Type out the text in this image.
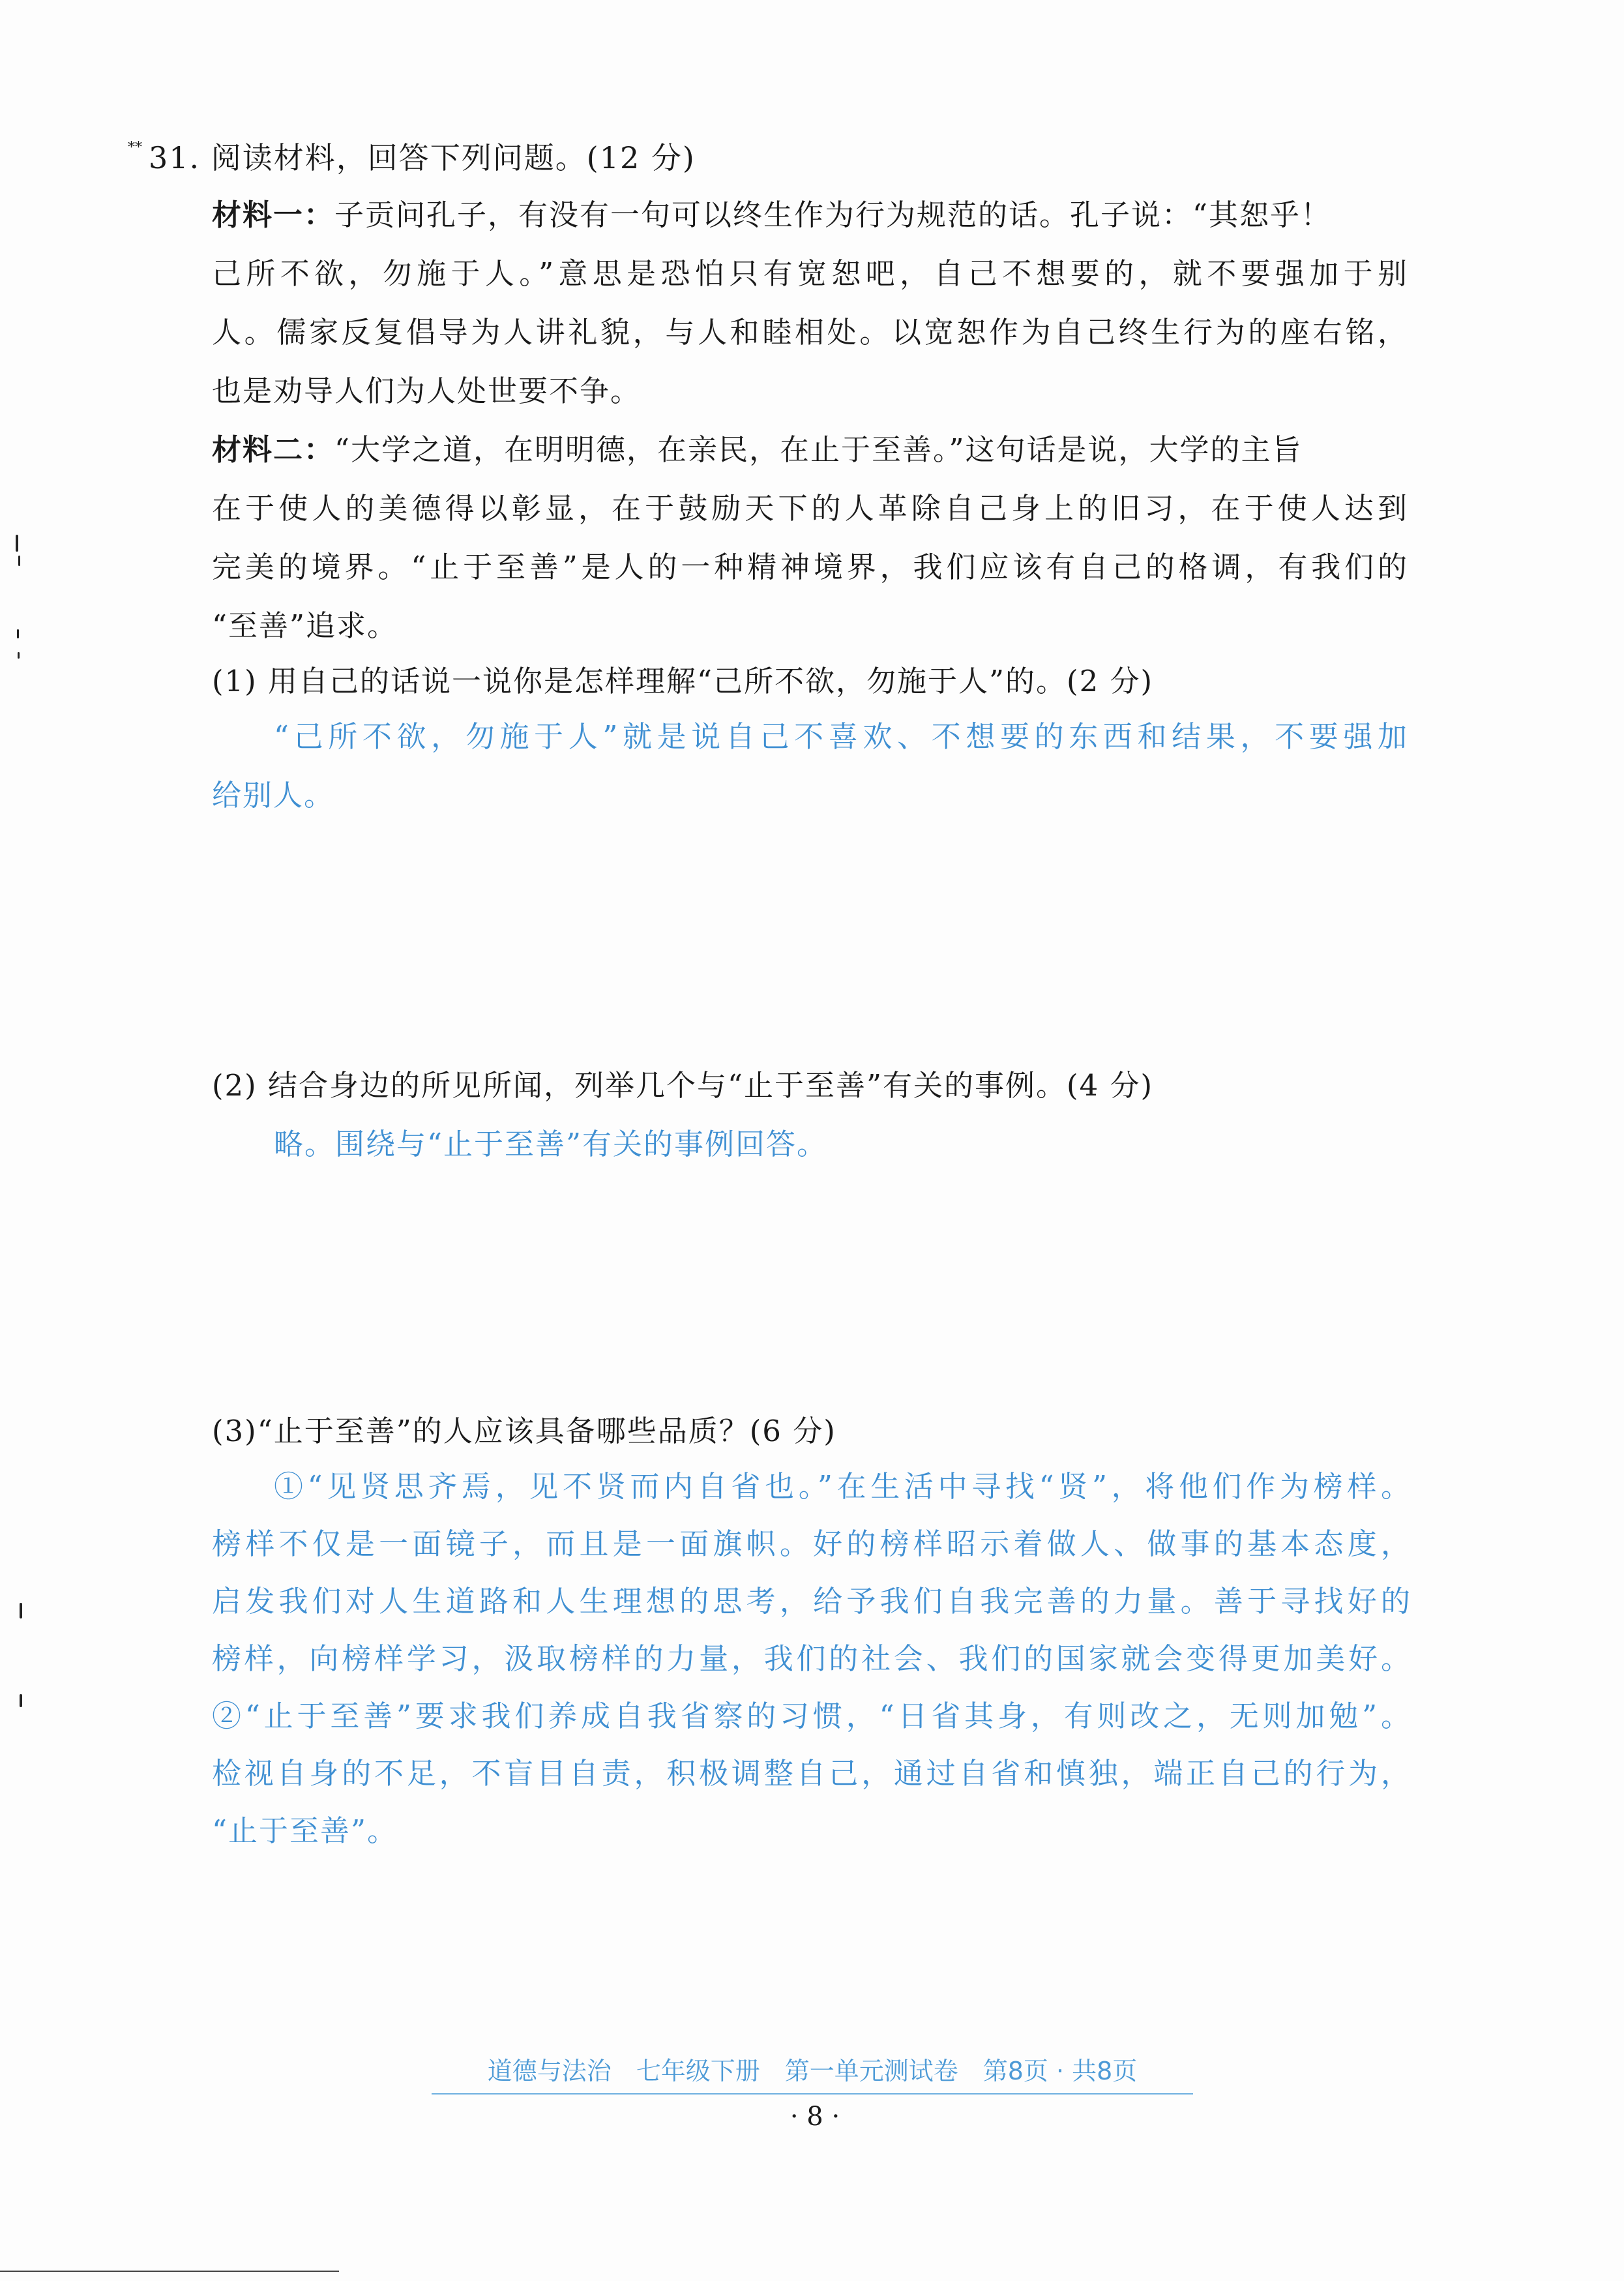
** 31. 阅读材料，回答下列问题。(12 分)
材料一：子贡问孔子，有没有一句可以终生作为行为规范的话。孔子说：“其恕乎！
己所不欲，勿施于人。”意思是恐怕只有宽恕吧，自己不想要的，就不要强加于别
人。儒家反复倡导为人讲礼貌，与人和睦相处。以宽恕作为自己终生行为的座右铭，
也是劝导人们为人处世要不争。
材料二：“大学之道，在明明德，在亲民，在止于至善。”这句话是说，大学的主旨
在于使人的美德得以彰显，在于鼓励天下的人革除自己身上的旧习，在于使人达到
完美的境界。“止于至善”是人的一种精神境界，我们应该有自己的格调，有我们的
“至善”追求。
(1) 用自己的话说一说你是怎样理解“己所不欲，勿施于人”的。(2 分)
“己所不欲，勿施于人”就是说自己不喜欢、不想要的东西和结果，不要强加
给别人。
(2) 结合身边的所见所闻，列举几个与“止于至善”有关的事例。(4 分)
略。围绕与“止于至善”有关的事例回答。
(3)“止于至善”的人应该具备哪些品质？(6 分)
①“见贤思齐焉，见不贤而内自省也。”在生活中寻找“贤”，将他们作为榜样。
榜样不仅是一面镜子，而且是一面旗帜。好的榜样昭示着做人、做事的基本态度，
启发我们对人生道路和人生理想的思考，给予我们自我完善的力量。善于寻找好的
榜样，向榜样学习，汲取榜样的力量，我们的社会、我们的国家就会变得更加美好。
②“止于至善”要求我们养成自我省察的习惯，“日省其身，有则改之，无则加勉”。
检视自身的不足，不盲目自责，积极调整自己，通过自省和慎独，端正自己的行为，
“止于至善”。
道德与法治　七年级下册　第一单元测试卷　第8页 · 共8页
· 8 ·
